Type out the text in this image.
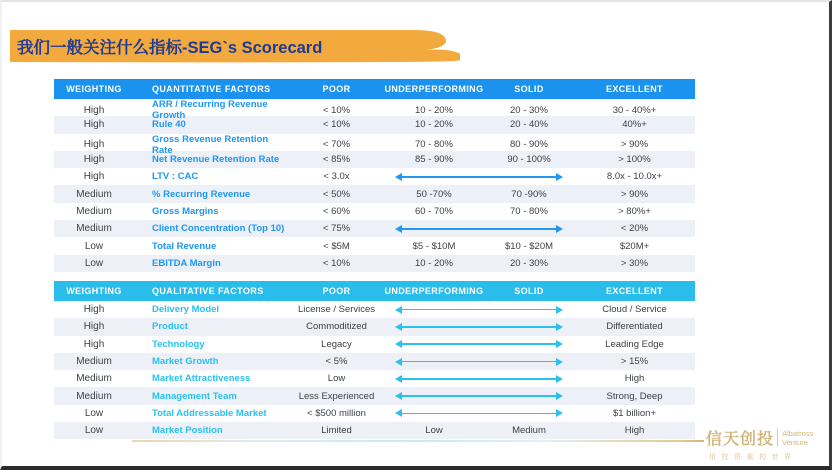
我们一般关注什么指标-SEG`s Scorecard
WEIGHTING	QUANTITATIVE FACTORS	POOR	UNDERPERFORMING	SOLID	EXCELLENT
High	ARR / Recurring Revenue Growth	< 10%	10 - 20%	20 - 30%	30 - 40%+
High	Rule 40	< 10%	10 - 20%	20 - 40%	40%+
High	Gross Revenue Retention Rate	< 70%	70 - 80%	80 - 90%	> 90%
High	Net Revenue Retention Rate	< 85%	85 - 90%	90 - 100%	> 100%
High	LTV : CAC	< 3.0x	8.0x - 10.0x+
Medium	% Recurring Revenue	< 50%	50 -70%	70 -90%	> 90%
Medium	Gross Margins	< 60%	60 - 70%	70 - 80%	> 80%+
Medium	Client Concentration (Top 10)	< 75%	< 20%
Low	Total Revenue	< $5M	$5 - $10M	$10 - $20M	$20M+
Low	EBITDA Margin	< 10%	10 - 20%	20 - 30%	> 30%
WEIGHTING	QUALITATIVE FACTORS	POOR	UNDERPERFORMING	SOLID	EXCELLENT
High	Delivery Model	License / Services	Cloud / Service
High	Product	Commoditized	Differentiated
High	Technology	Legacy	Leading Edge
Medium	Market Growth	< 5%	> 15%
Medium	Market Attractiveness	Low	High
Medium	Management Team	Less Experienced	Strong, Deep
Low	Total Addressable Market	< $500 million	$1 billion+
Low	Market Position	Limited	Low	Medium	High
信天创投 Albatross
Venture
用投资重构世界
